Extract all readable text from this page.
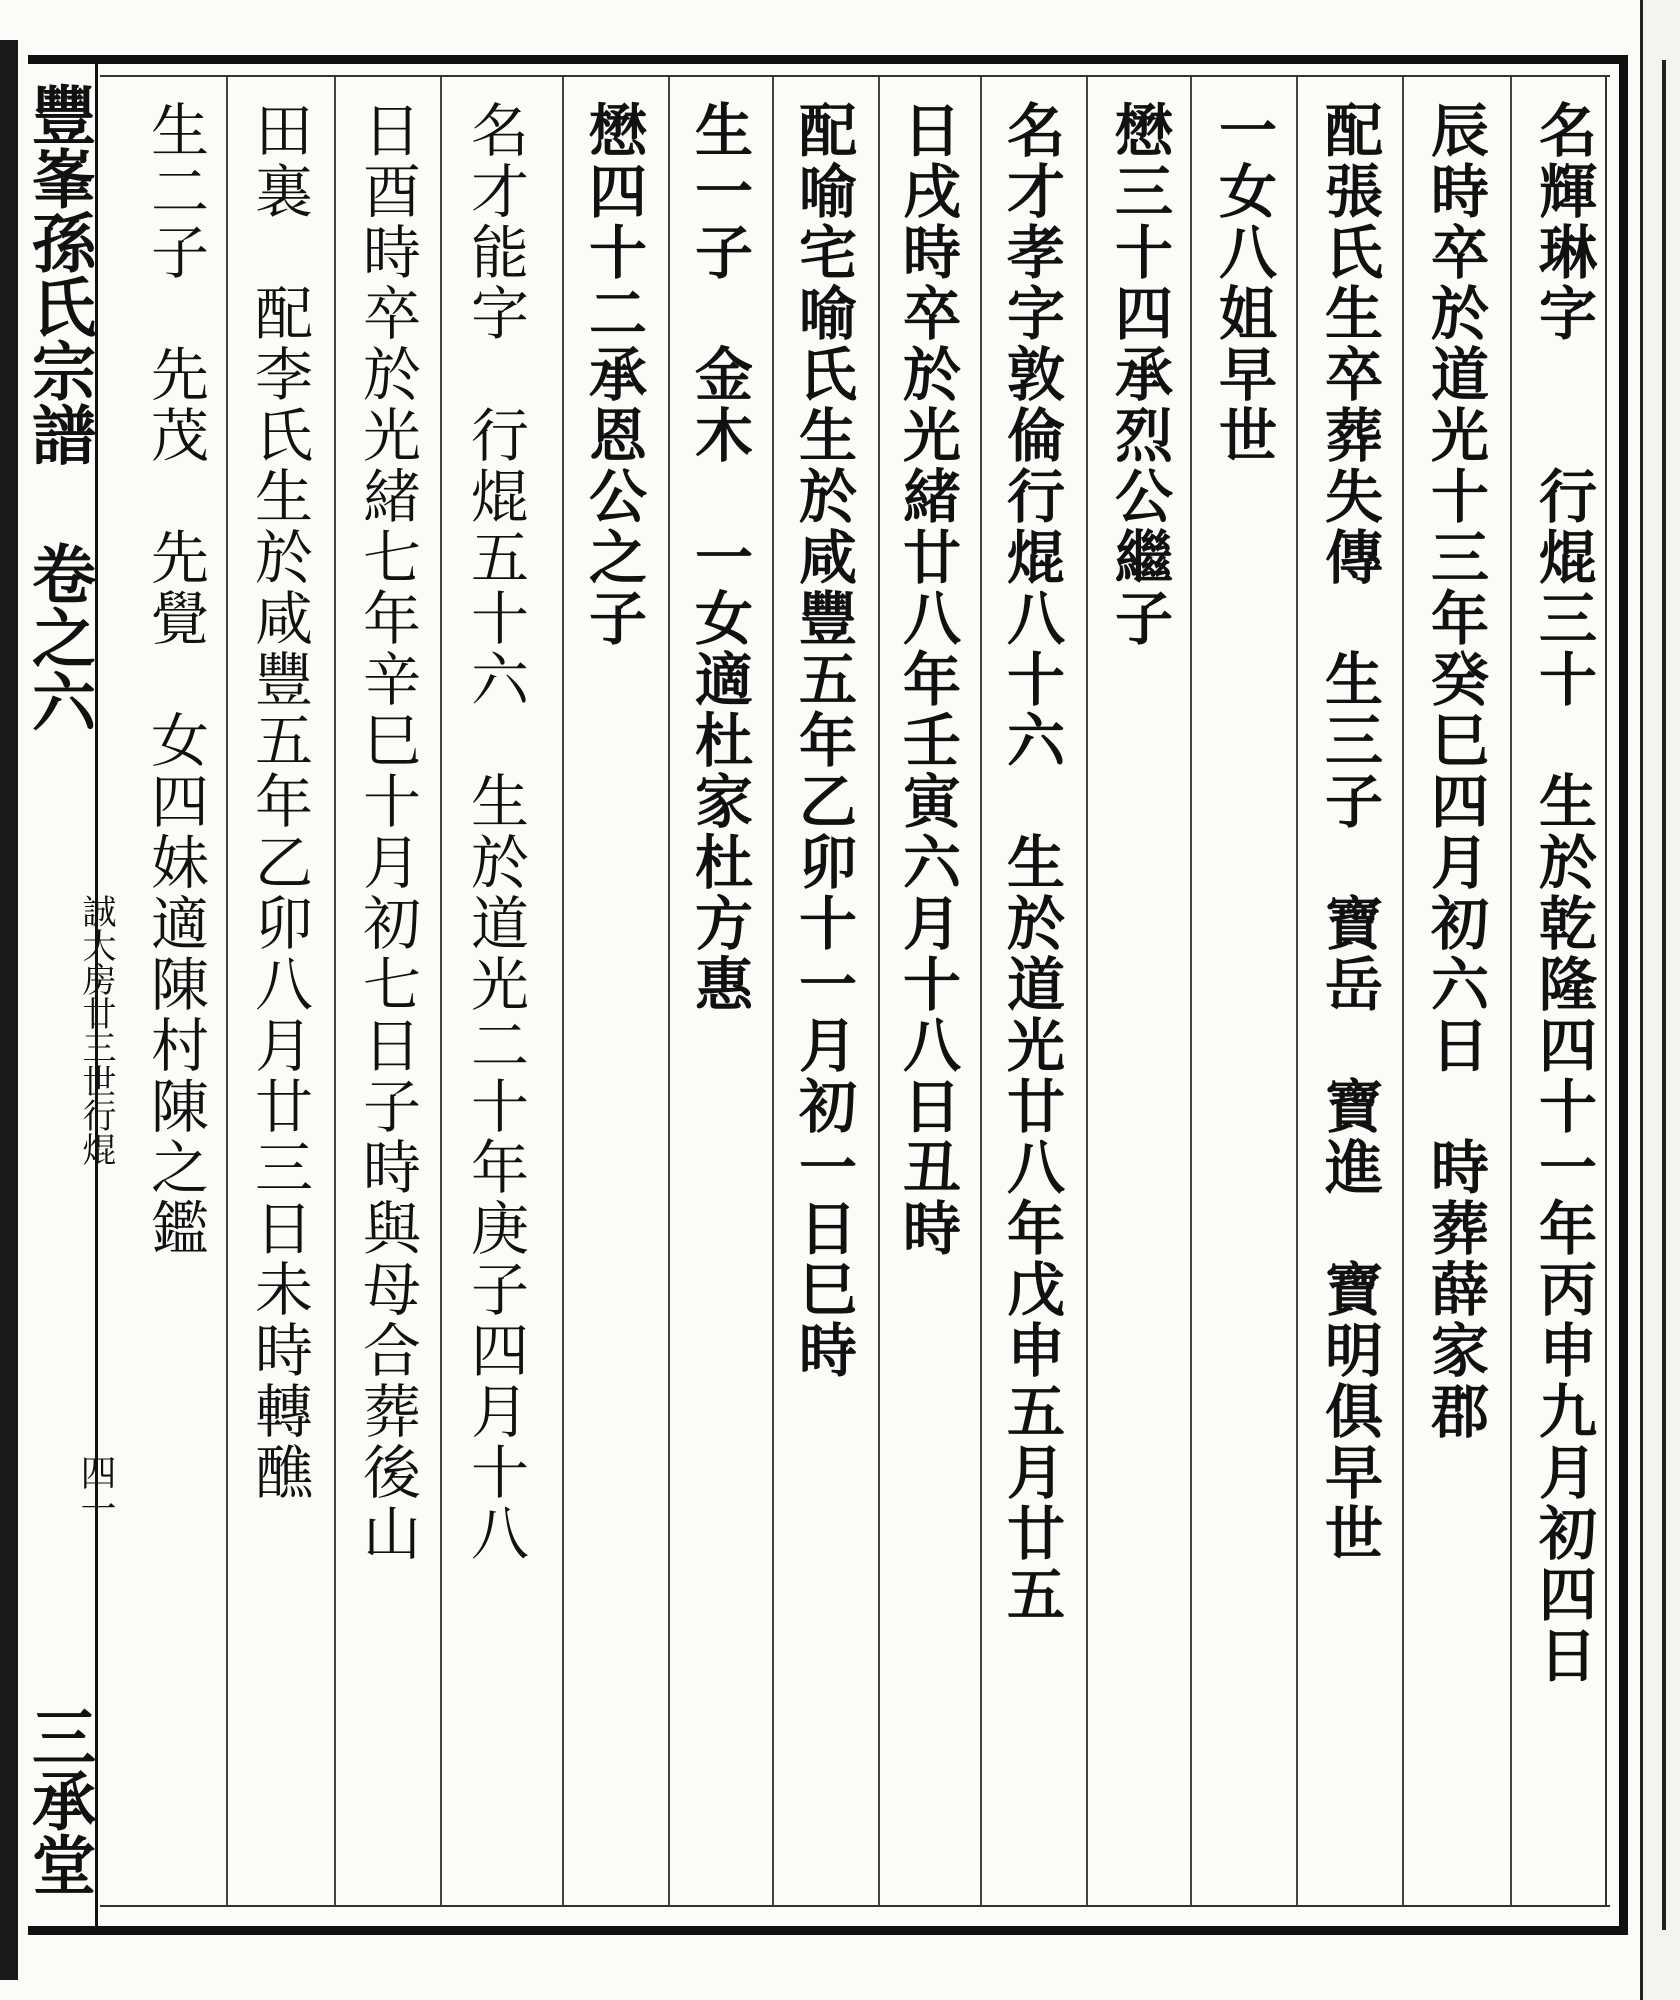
豐峯孫氏宗譜 卷之六
誠大房廿三世行焜
四一
三承堂
名輝琳字　　行焜三十　生於乾隆四十一年丙申九月初四日
辰時卒於道光十三年癸巳四月初六日　時葬薛家郡
配張氏生卒葬失傳　生三子　寶岳　寶進　寶明俱早世
一女八姐早世
懋三十四承烈公繼子
名才孝字敦倫行焜八十六　生於道光廿八年戊申五月廿五
日戌時卒於光緒廿八年壬寅六月十八日丑時
配喻宅喻氏生於咸豐五年乙卯十一月初一日巳時
生一子　金木　一女適杜家杜方惠
懋四十二承恩公之子
名才能字　行焜五十六　生於道光二十年庚子四月十八
日酉時卒於光緒七年辛巳十月初七日子時與母合葬後山
田裏　配李氏生於咸豐五年乙卯八月廿三日未時轉醮
生二子　先茂　先覺　女四妹適陳村陳之鑑
